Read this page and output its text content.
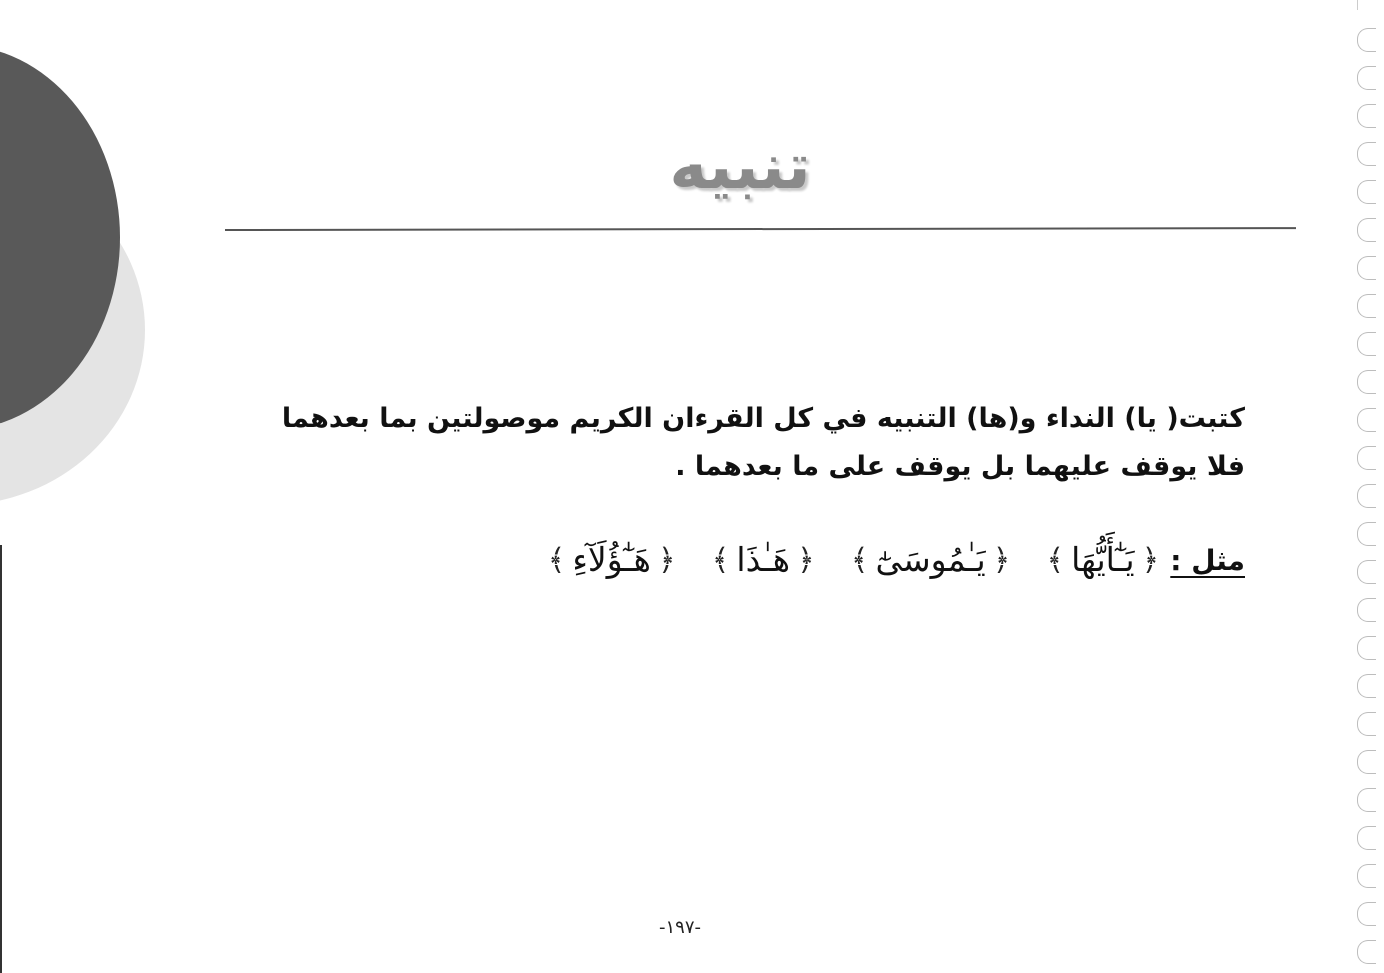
تنبيه
كتبت( يا) النداء و(ها) التنبيه في كل القرءان الكريم موصولتين بما بعدهما
فلا يوقف عليهما بل يوقف على ما بعدهما .
مثل : ﴿ يَـٰٓأَيُّهَا ﴾  ﴿ يَـٰمُوسَىٰٓ ﴾  ﴿ هَـٰذَا ﴾  ﴿ هَـٰٓؤُلَآءِ ﴾
-١٩٧-
